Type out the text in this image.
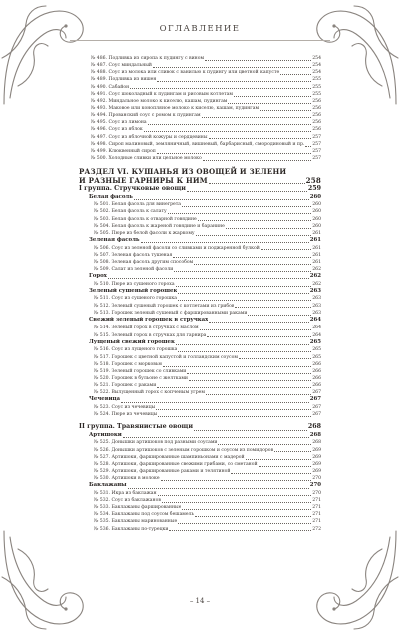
ОГЛАВЛЕНИЕ
№ 486. Подливка из сиропа к пудингу с вином	254
№ 487. Соус миндальный	254
№ 488. Соус из молока или сливок с ванилью к пудингу или цветной капусте	254
№ 489. Подливка из вишен	255
№ 490. Сабайон	255
№ 491. Соус шоколадный к пудингам и рисовым котлетам	255
№ 492. Миндальное молоко к киселю, кашам, пудингам	256
№ 493. Маковое или конопляное молоко к киселю, кашам, пудингам	256
№ 494. Прованский соус с ромом к пудингам	256
№ 495. Соус из лимона	256
№ 496. Соус из яблок	256
№ 497. Соус из яблочной кожуры и сердцевины	257
№ 498. Сироп малиновый, земляничный, вишневый, барбарисный, смородиновый и пр. 257
№ 499. Клюквенный сироп	257
№ 500. Холодные сливки или цельное молоко	257
РАЗДЕЛ VI. КУШАНЬЯ ИЗ ОВОЩЕЙ И ЗЕЛЕНИ
И РАЗНЫЕ ГАРНИРЫ К НИМ	258
I группа. Стручковые овощи	259
Белая фасоль	260
№ 501. Белая фасоль для винегрета	260
№ 502. Белая фасоль к салату	260
№ 503. Белая фасоль к отварной говядине	260
№ 504. Белая фасоль к жареной говядине и баранине	260
№ 505. Пюре из белой фасоли к жаркому	261
Зеленая фасоль	261
№ 506. Соус из зеленой фасоли со сливками и поджаренной булкой	261
№ 507. Зеленая фасоль тушеная	261
№ 508. Зеленая фасоль другим способом	261
№ 509. Салат из зеленой фасоли	262
Горох	262
№ 510. Пюре из сушеного гороха	262
Зеленый сушеный горошек	263
№ 511. Соус из сушеного горошка	263
№ 512. Зеленый сушеный горошек с котлетами из грибов	263
№ 513. Горошек зеленый сушеный с фаршированными раками	263
Свежий зеленый горошек в стручках	264
№ 514. Зеленый горох в стручках с маслом	264
№ 515. Зеленый горох в стручках для гарнира	264
Лущеный свежий горошек	265
№ 516. Соус из лущеного горошка	265
№ 517. Горошек с цветной капустой и голландским соусом	265
№ 518. Горошек с морковью	266
№ 519. Зеленый горошек со сливками	266
№ 520. Горошек в бульоне с желтками	266
№ 521. Горошек с раками	266
№ 522. Вылущенный горох с копченым угрем	267
Чечевица	267
№ 523. Соус из чечевицы	267
№ 524. Пюре из чечевицы	267
II группа. Травянистые овощи	268
Артишоки	268
№ 525. Донышки артишоков под разными соусами	268
№ 526. Донышки артишоков с зеленым горошком и соусом из помидоров	269
№ 527. Артишоки, фаршированные шампиньонами с мадерой	269
№ 528. Артишоки, фаршированные свежими грибами, со сметаной	269
№ 529. Артишоки, фаршированные раками и телятиной	269
№ 530. Артишоки в молоке	270
Баклажаны	270
№ 531. Икра из баклажан	270
№ 532. Соус из баклажанов	271
№ 533. Баклажаны фаршированные	271
№ 534. Баклажаны под соусом бешамель	271
№ 535. Баклажаны маринованные	271
№ 536. Баклажаны по-турецки	272
– 14 –
